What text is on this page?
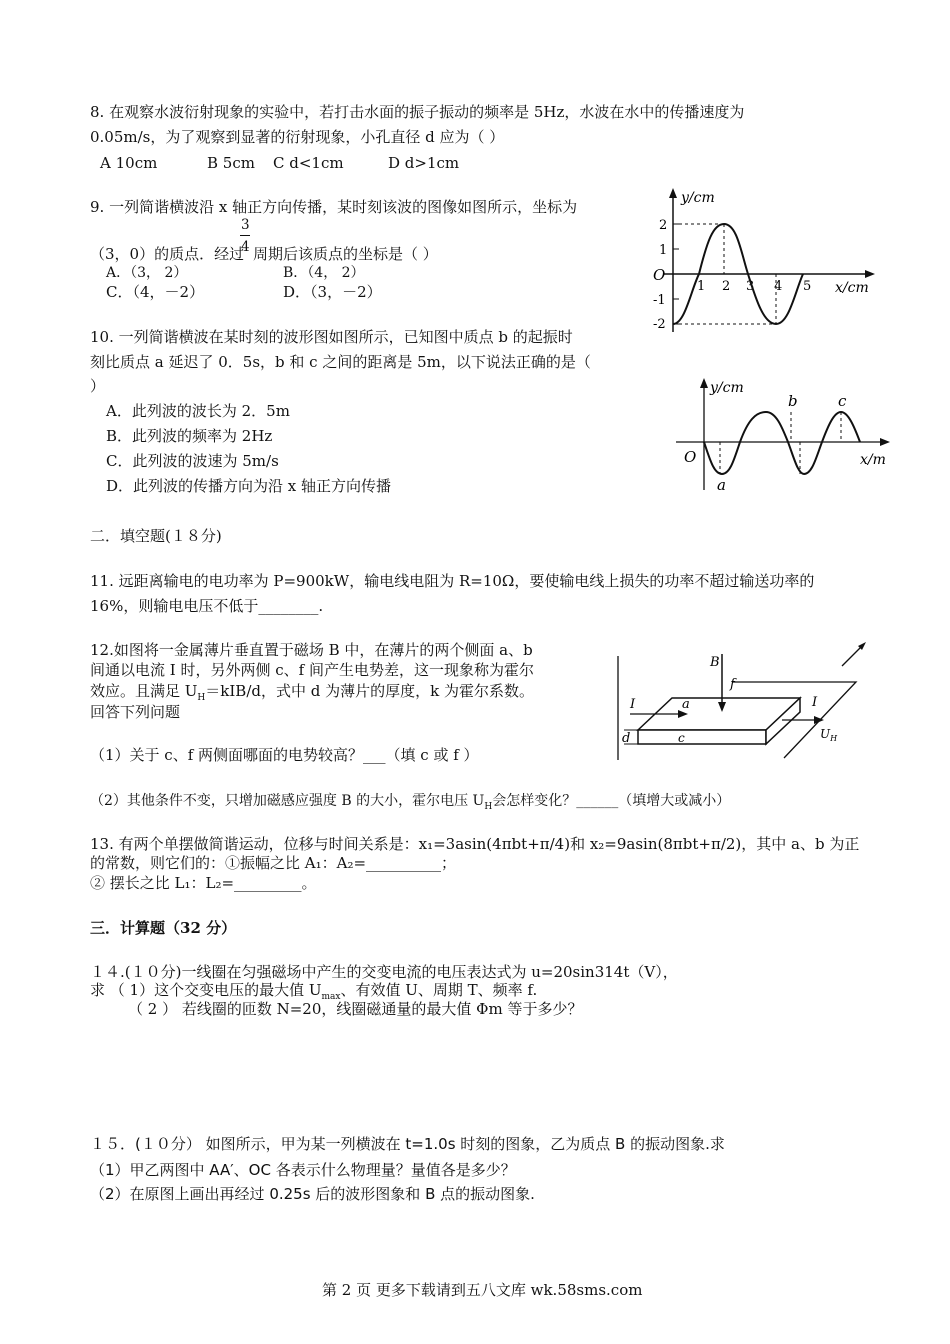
8. 在观察水波衍射现象的实验中，若打击水面的振子振动的频率是 5Hz，水波在水中的传播速度为
0.05m/s，为了观察到显著的衍射现象，小孔直径 d 应为（ ）
A 10cm	B 5cm C d<1cm	D d>1cm
9. 一列简谐横波沿 x 轴正方向传播，某时刻该波的图像如图所示，坐标为
3
4
（3，0）的质点．经过 周期后该质点的坐标是（ ）
A．（3， 2）	B．（4， 2）
C．（4，－2）	D．（3，－2）
y/cm
x/cm
O
2
1
-1
-2
1 2 3 4 5
10. 一列简谐横波在某时刻的波形图如图所示，已知图中质点 b 的起振时
刻比质点 a 延迟了 0．5s，b 和 c 之间的距离是 5m，以下说法正确的是（
）
A．此列波的波长为 2．5m
B．此列波的频率为 2Hz
C．此列波的波速为 5m/s
D．此列波的传播方向为沿 x 轴正方向传播
y/cm
x/m
O
a
b	c
二．填空题(１８分)
11. 远距离输电的电功率为 P=900kW，输电线电阻为 R=10Ω，要使输电线上损失的功率不超过输送功率的
16%，则输电电压不低于________.
12.如图将一金属薄片垂直置于磁场 B 中，在薄片的两个侧面 a、b
间通以电流 I 时，另外两侧 c、f 间产生电势差，这一现象称为霍尔
效应。且满足 $U_H=kIB/d$，式中 d 为薄片的厚度，k 为霍尔系数。
回答下列问题
（1）关于 c、f 两侧面哪面的电势较高？___（填 c 或 f ）
（2）其他条件不变，只增加磁感应强度 B 的大小，霍尔电压 $U_H$会怎样变化？______（填增大或减小）
B
f
I	a	I
$U_H$
d	c
13. 有两个单摆做简谐运动，位移与时间关系是：x₁=3asin(4πbt+π/4)和 x₂=9asin(8πbt+π/2)，其中 a、b 为正
的常数，则它们的：①振幅之比 A₁：A₂=__________；
② 摆长之比 L₁：L₂=_________。
三．计算题（32 分）
１４.(１０分)一线圈在匀强磁场中产生的交变电流的电压表达式为 u=20sin314t（V），
求 （ 1）这个交变电压的最大值 $U_{max}$、有效值 U、周期 T、频率 f.
（ 2 ） 若线圈的匝数 N=20，线圈磁通量的最大值 Φm 等于多少？
１５．(１０分） 如图所示，甲为某一列横波在 t=1.0s 时刻的图象，乙为质点 B 的振动图象.求
（1）甲乙两图中 AA′、OC 各表示什么物理量？量值各是多少？
（2）在原图上画出再经过 0.25s 后的波形图象和 B 点的振动图象.
第 2 页 更多下载请到五八文库 wk.58sms.com
